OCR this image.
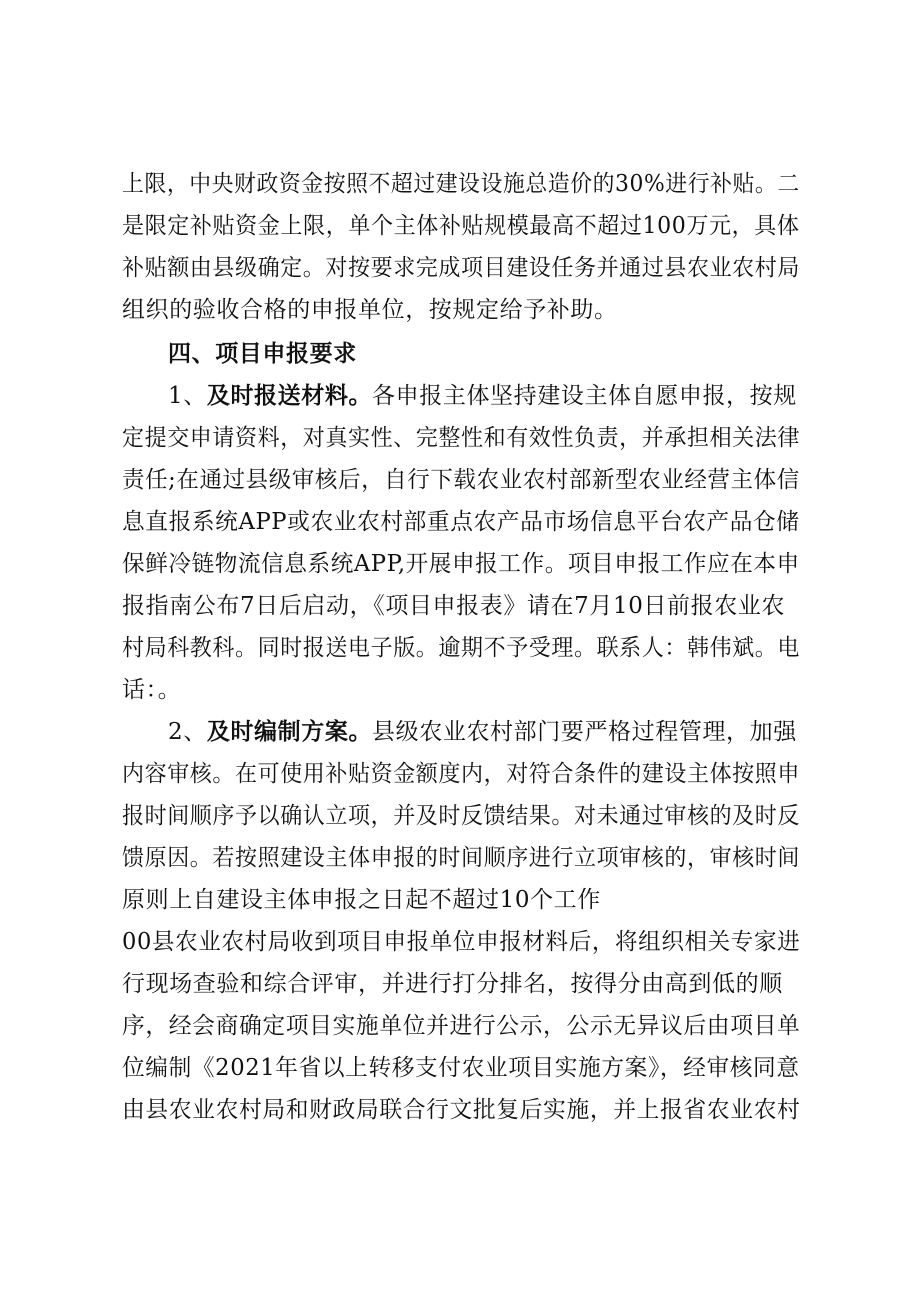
上限，中央财政资金按照不超过建设设施总造价的30%进行补贴。二
是限定补贴资金上限，单个主体补贴规模最高不超过100万元，具体
补贴额由县级确定。对按要求完成项目建设任务并通过县农业农村局
组织的验收合格的申报单位，按规定给予补助。
四、项目申报要求
1、及时报送材料。各申报主体坚持建设主体自愿申报，按规
定提交申请资料，对真实性、完整性和有效性负责，并承担相关法律
责任;在通过县级审核后，自行下载农业农村部新型农业经营主体信
息直报系统APP或农业农村部重点农产品市场信息平台农产品仓储
保鲜冷链物流信息系统APP,开展申报工作。项目申报工作应在本申
报指南公布7日后启动，《项目申报表》请在7月10日前报农业农
村局科教科。同时报送电子版。逾期不予受理。联系人：韩伟斌。电
话：。
2、及时编制方案。县级农业农村部门要严格过程管理，加强
内容审核。在可使用补贴资金额度内，对符合条件的建设主体按照申
报时间顺序予以确认立项，并及时反馈结果。对未通过审核的及时反
馈原因。若按照建设主体申报的时间顺序进行立项审核的，审核时间
原则上自建设主体申报之日起不超过10个工作
00县农业农村局收到项目申报单位申报材料后，将组织相关专家进
行现场查验和综合评审，并进行打分排名，按得分由高到低的顺
序，经会商确定项目实施单位并进行公示，公示无异议后由项目单
位编制《2021年省以上转移支付农业项目实施方案》，经审核同意
由县农业农村局和财政局联合行文批复后实施，并上报省农业农村
